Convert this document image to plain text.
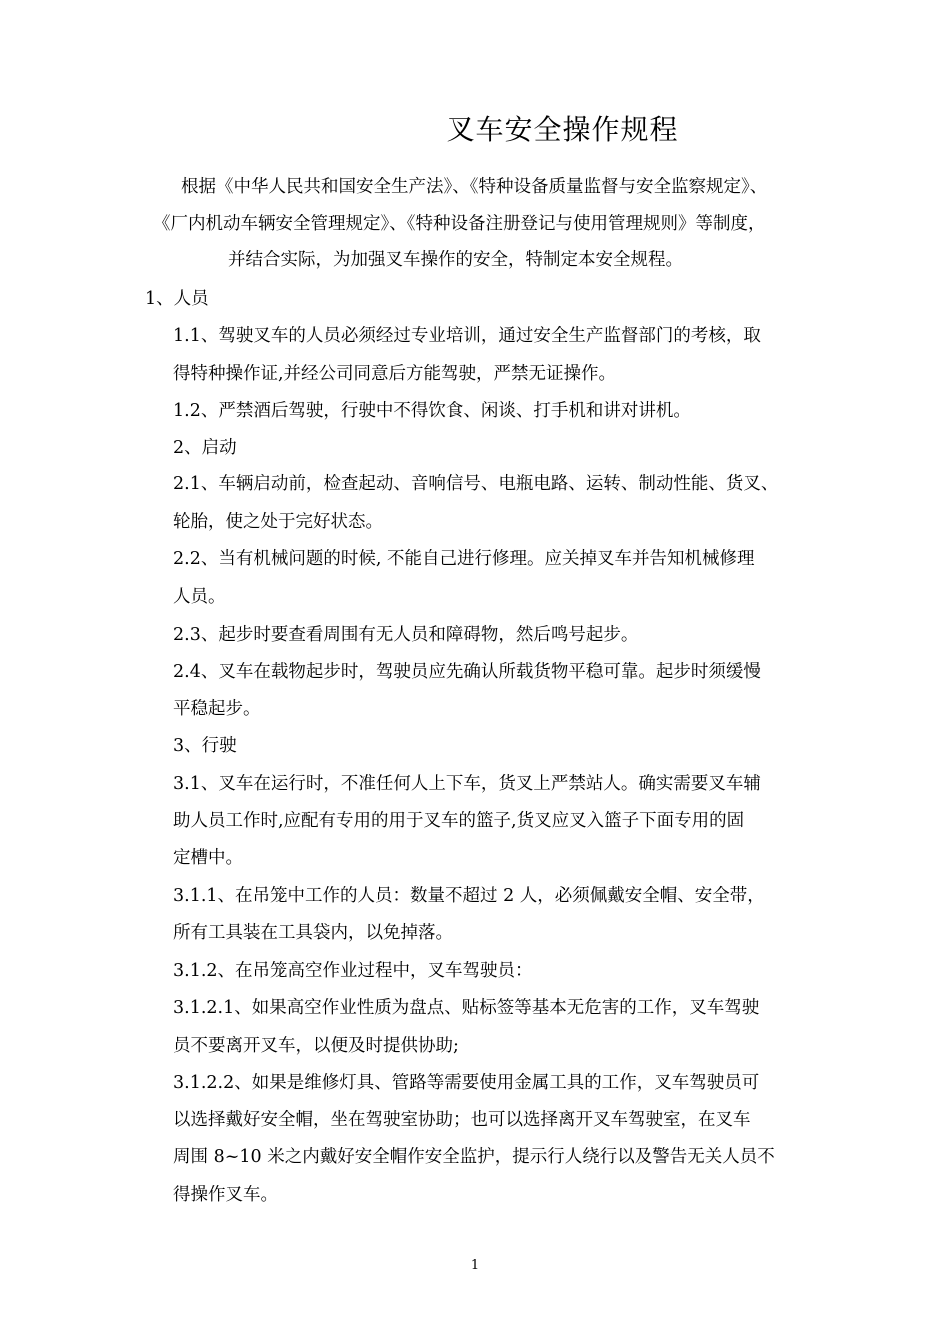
叉车安全操作规程
根据《中华人民共和国安全生产法》、《特种设备质量监督与安全监察规定》、
《厂内机动车辆安全管理规定》、《特种设备注册登记与使用管理规则》等制度，
并结合实际，为加强叉车操作的安全，特制定本安全规程。
1、人员
1.1、驾驶叉车的人员必须经过专业培训，通过安全生产监督部门的考核，取
得特种操作证,并经公司同意后方能驾驶，严禁无证操作。
1.2、严禁酒后驾驶，行驶中不得饮食、闲谈、打手机和讲对讲机。
2、启动
2.1、车辆启动前，检查起动、音响信号、电瓶电路、运转、制动性能、货叉、
轮胎，使之处于完好状态。
2.2、当有机械问题的时候, 不能自己进行修理。应关掉叉车并告知机械修理
人员。
2.3、起步时要查看周围有无人员和障碍物，然后鸣号起步。
2.4、叉车在载物起步时，驾驶员应先确认所载货物平稳可靠。起步时须缓慢
平稳起步。
3、行驶
3.1、叉车在运行时，不准任何人上下车，货叉上严禁站人。确实需要叉车辅
助人员工作时,应配有专用的用于叉车的篮子,货叉应叉入篮子下面专用的固
定槽中。
3.1.1、在吊笼中工作的人员：数量不超过 2 人，必须佩戴安全帽、安全带，
所有工具装在工具袋内，以免掉落。
3.1.2、在吊笼高空作业过程中，叉车驾驶员：
3.1.2.1、如果高空作业性质为盘点、贴标签等基本无危害的工作，叉车驾驶
员不要离开叉车，以便及时提供协助;
3.1.2.2、如果是维修灯具、管路等需要使用金属工具的工作，叉车驾驶员可
以选择戴好安全帽，坐在驾驶室协助；也可以选择离开叉车驾驶室，在叉车
周围 8~10 米之内戴好安全帽作安全监护，提示行人绕行以及警告无关人员不
得操作叉车。
1
